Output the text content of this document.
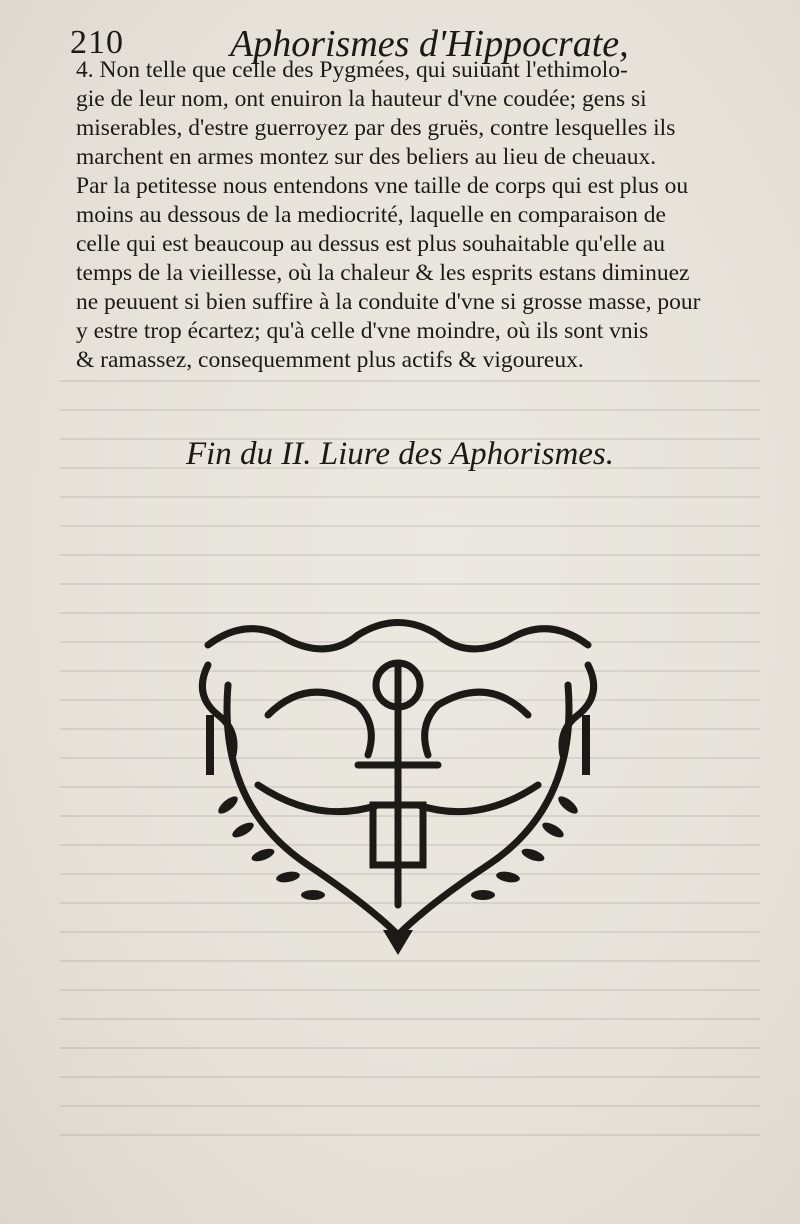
210	Aphorismes d'Hippocrate,
4. Non telle que celle des Pygmées, qui suiuant l'ethimolo-
gie de leur nom, ont enuiron la hauteur d'vne coudée; gens si
miserables, d'estre guerroyez par des gruës, contre lesquelles ils
marchent en armes montez sur des beliers au lieu de cheuaux.
Par la petitesse nous entendons vne taille de corps qui est plus ou
moins au dessous de la mediocrité, laquelle en comparaison de
celle qui est beaucoup au dessus est plus souhaitable qu'elle au
temps de la vieillesse, où la chaleur & les esprits estans diminuez
ne peuuent si bien suffire à la conduite d'vne si grosse masse, pour
y estre trop écartez; qu'à celle d'vne moindre, où ils sont vnis
& ramassez, consequemment plus actifs & vigoureux.
Fin du II. Liure des Aphorismes.
